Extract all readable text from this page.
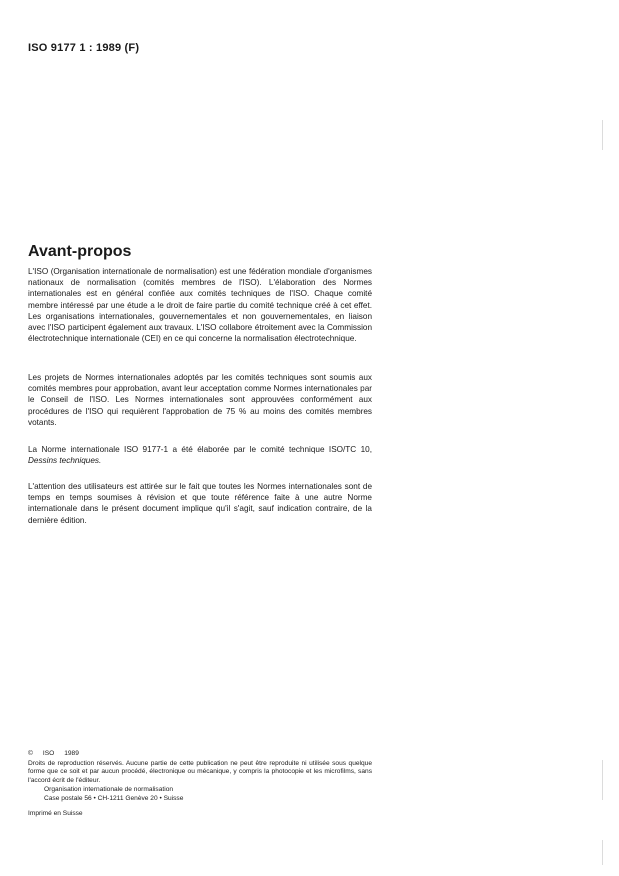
ISO 9177 1 : 1989 (F)
Avant-propos

L'ISO (Organisation internationale de normalisation) est une fédération mondiale d'organismes nationaux de normalisation (comités membres de l'ISO). L'élaboration des Normes internationales est en général confiée aux comités techniques de l'ISO. Chaque comité membre intéressé par une étude a le droit de faire partie du comité technique créé à cet effet. Les organisations internationales, gouvernementales et non gouvernementales, en liaison avec l'ISO participent également aux travaux. L'ISO collabore étroitement avec la Commission électrotechnique internationale (CEI) en ce qui concerne la normalisation électrotechnique.

Les projets de Normes internationales adoptés par les comités techniques sont soumis aux comités membres pour approbation, avant leur acceptation comme Normes internationales par le Conseil de l'ISO. Les Normes internationales sont approuvées conformément aux procédures de l'ISO qui requièrent l'approbation de 75 % au moins des comités membres votants.

La Norme internationale ISO 9177-1 a été élaborée par le comité technique ISO/TC 10, Dessins techniques.

L'attention des utilisateurs est attirée sur le fait que toutes les Normes internationales sont de temps en temps soumises à révision et que toute référence faite à une autre Norme internationale dans le présent document implique qu'il s'agit, sauf indication contraire, de la dernière édition.

© ISO 1989

Droits de reproduction réservés. Aucune partie de cette publication ne peut être reproduite ni utilisée sous quelque forme que ce soit et par aucun procédé, électronique ou mécanique, y compris la photocopie et les microfilms, sans l'accord écrit de l'éditeur.

Organisation internationale de normalisation
Case postale 56 • CH-1211 Genève 20 • Suisse
Imprimé en Suisse
